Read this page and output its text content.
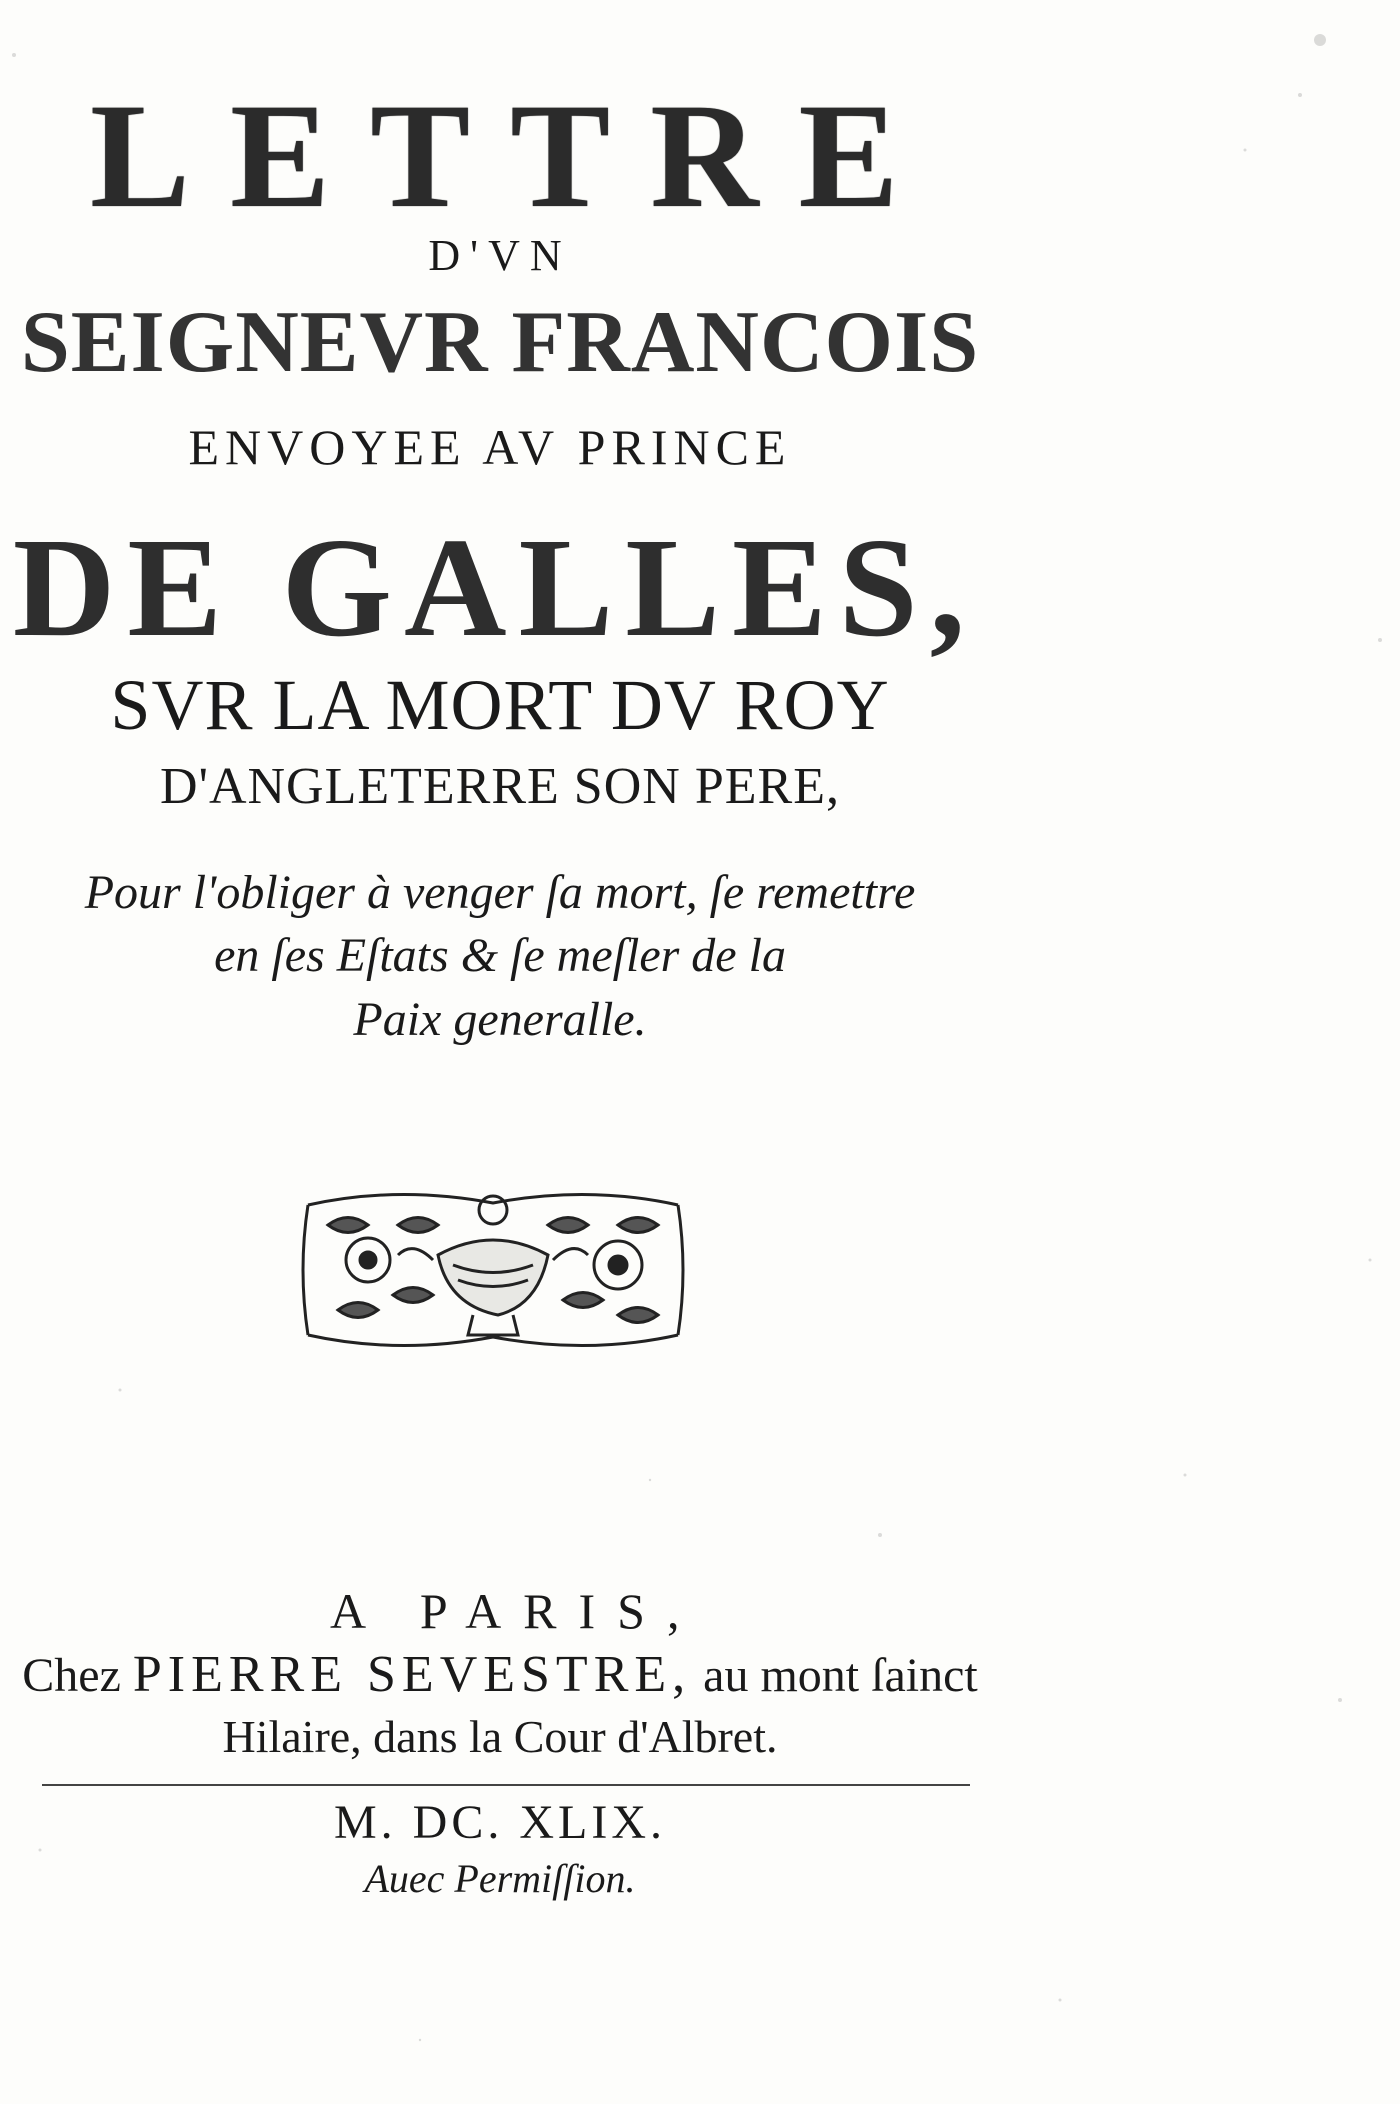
LETTRE
D'VN
SEIGNEVR FRANCOIS
ENVOYEE AV PRINCE
DE GALLES,
SVR LA MORT DV ROY
D'ANGLETERRE SON PERE,
Pour l'obliger à venger ſa mort, ſe remettre
en ſes Eſtats & ſe meſler de la
Paix generalle.
A PARIS,
Chez PIERRE SEVESTRE, au mont ſainct
Hilaire, dans la Cour d'Albret.
M. DC. XLIX.
Auec Permiſſion.
